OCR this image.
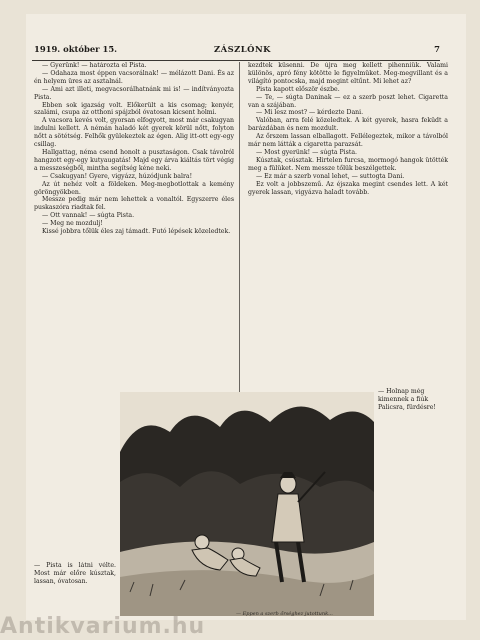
1919. október 15.	ZÁSZLÓNK	7

— Gyerünk! — határozta el Pista.

— Odahaza most éppen vacsorálnak! — mélázott Dani. És az én helyem üres az asztalnál.

— Ami azt illeti, megvacsorálhatnánk mi is! — indítványozta Pista.

Ebben sok igazság volt. Előkerült a kis csomag; kenyér, szalámi, csupa az otthoni spájzból óvatosan kicsent holmi.

A vacsora kevés volt, gyorsan elfogyott, most már csakugyan indulni kellett. A némán haladó két gyerek körül nőtt, folyton nőtt a sötétség. Felhők gyülekeztek az égen. Alig itt-ott egy-egy csillag.

Hallgattag, néma csend honolt a pusztaságon. Csak távolról hangzott egy-egy kutyaugatás! Majd egy árva kiáltás tört végig a messzeségből, mintha segítség kéne neki.

— Csakugyan! Gyere, vigyázz, húzódjunk balra!

Az út nehéz volt a földeken. Meg-megbotlottak a kemény göröngyökben.

Messze pedig már nem lehettek a vonaltól. Egyszerre éles puskaszóra riadtak fel.

— Ott vannak! — súgta Pista.

— Meg ne mozdulj!

Kissé jobbra tőlük éles zaj támadt. Futó lépések közeledtek.

kezdtek küsenni. De újra meg kellett pihenniük. Valami különös, apró fény kötötte le figyelmüket. Meg-megvillant és a világító pontocska, majd megint eltűnt. Mi lehet az?

Pista kapott először észbe.

— Te, — súgta Daninak — ez a szerb poszt lehet. Cigaretta van a szájában.

— Mi lesz most? — kérdezte Dani.

Valóban, arra felé közeledtek. A két gyerek, hasra feküdt a barázdában és nem mozdult.

Az őrszem lassan elballagott. Fellélegeztek, mikor a távolból már nem látták a cigaretta parazsát.

— Most gyerünk! — súgta Pista.

Kúsztak, csúsztak. Hirtelen furcsa, mormogó hangok ütötték meg a fülüket. Nem messze tőlük beszélgettek.

— Ez már a szerb vonal lehet, — suttogta Dani.

Ez volt a jobbszemű. Az éjszaka megint csendes lett. A két gyerek lassan, vigyázva haladt tovább.

— Pista is látni vélte. Most már előre kúsztak, lassan, óvatosan.
— Holnap még kimennek a fiúk Palicsra, fürdésre!
— Eppen a szerb őrséghez jutottunk...
Antikvarium.hu
